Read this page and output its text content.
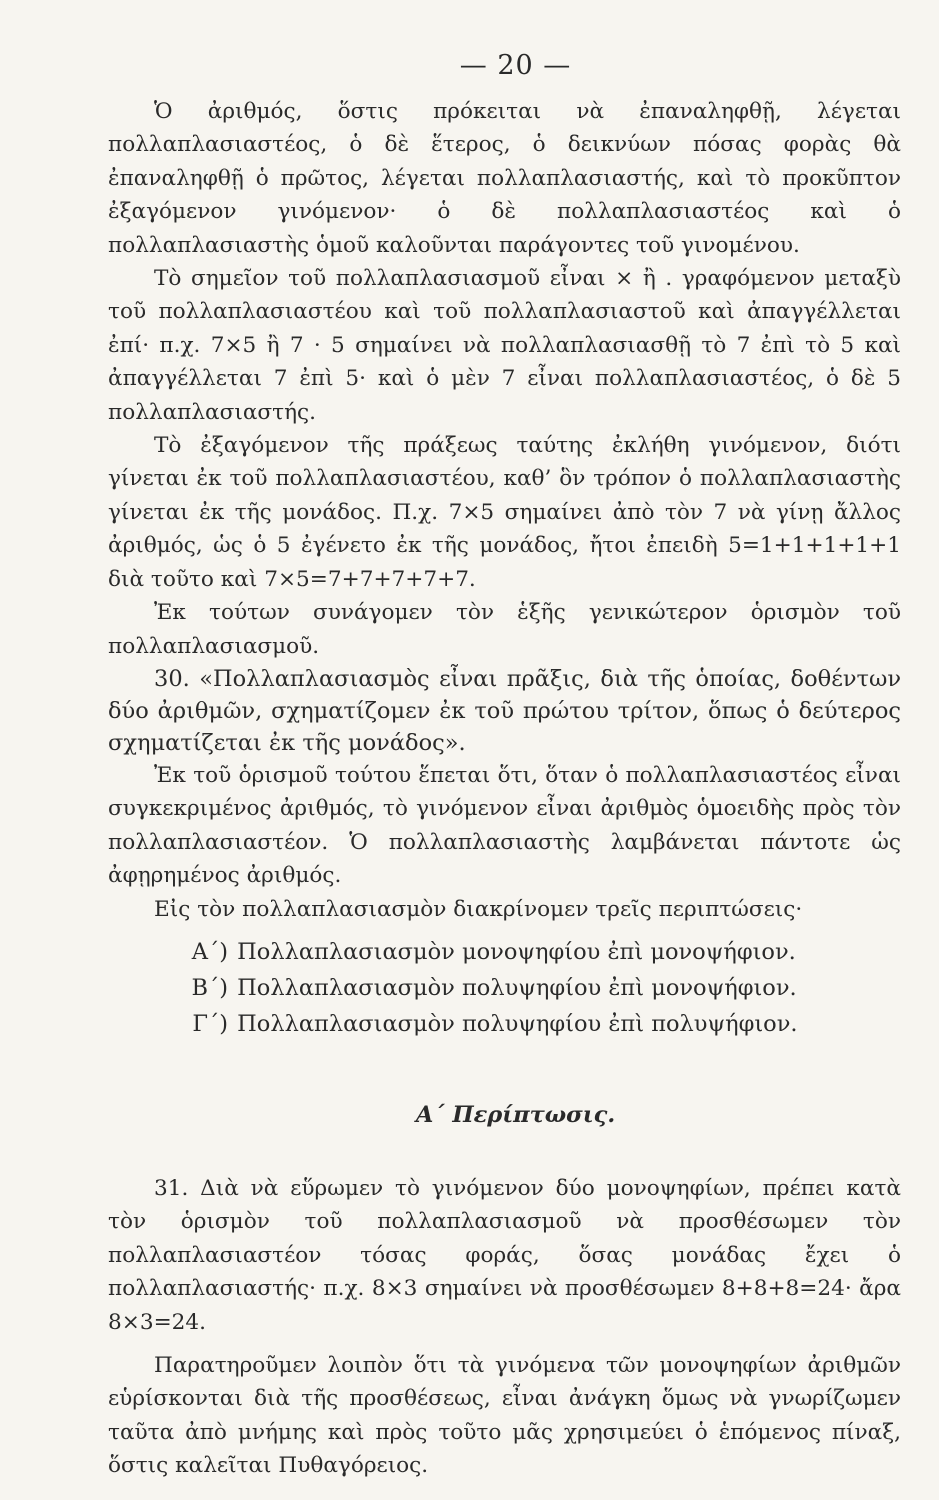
— 20 —

Ὁ ἀριθμός, ὅστις πρόκειται νὰ ἐπαναληφθῇ, λέγεται πολλαπλασιαστέος, ὁ δὲ ἕτερος, ὁ δεικνύων πόσας φορὰς θὰ ἐπαναληφθῇ ὁ πρῶτος, λέγεται πολλαπλασιαστής, καὶ τὸ προκῦπτον ἐξαγόμενον γινόμενον· ὁ δὲ πολλαπλασιαστέος καὶ ὁ πολλαπλασιαστὴς ὁμοῦ καλοῦνται παράγοντες τοῦ γινομένου.

Τὸ σημεῖον τοῦ πολλαπλασιασμοῦ εἶναι × ἢ . γραφόμενον μεταξὺ τοῦ πολλαπλασιαστέου καὶ τοῦ πολλαπλασιαστοῦ καὶ ἀπαγγέλλεται ἐπί· π.χ. 7×5 ἢ 7 · 5 σημαίνει νὰ πολλαπλασιασθῇ τὸ 7 ἐπὶ τὸ 5 καὶ ἀπαγγέλλεται 7 ἐπὶ 5· καὶ ὁ μὲν 7 εἶναι πολλαπλασιαστέος, ὁ δὲ 5 πολλαπλασιαστής.

Τὸ ἐξαγόμενον τῆς πράξεως ταύτης ἐκλήθη γινόμενον, διότι γίνεται ἐκ τοῦ πολλαπλασιαστέου, καθ’ ὃν τρόπον ὁ πολλαπλασιαστὴς γίνεται ἐκ τῆς μονάδος. Π.χ. 7×5 σημαίνει ἀπὸ τὸν 7 νὰ γίνῃ ἄλλος ἀριθμός, ὡς ὁ 5 ἐγένετο ἐκ τῆς μονάδος, ἤτοι ἐπειδὴ 5=1+1+1+1+1 διὰ τοῦτο καὶ 7×5=7+7+7+7+7.

Ἐκ τούτων συνάγομεν τὸν ἑξῆς γενικώτερον ὁρισμὸν τοῦ πολλαπλασιασμοῦ.

30. «Πολλαπλασιασμὸς εἶναι πρᾶξις, διὰ τῆς ὁποίας, δοθέντων δύο ἀριθμῶν, σχηματίζομεν ἐκ τοῦ πρώτου τρίτον, ὅπως ὁ δεύτερος σχηματίζεται ἐκ τῆς μονάδος».

Ἐκ τοῦ ὁρισμοῦ τούτου ἕπεται ὅτι, ὅταν ὁ πολλαπλασιαστέος εἶναι συγκεκριμένος ἀριθμός, τὸ γινόμενον εἶναι ἀριθμὸς ὁμοειδὴς πρὸς τὸν πολλαπλασιαστέον. Ὁ πολλαπλασιαστὴς λαμβάνεται πάντοτε ὡς ἀφῃρημένος ἀριθμός.

Εἰς τὸν πολλαπλασιασμὸν διακρίνομεν τρεῖς περιπτώσεις·

Α΄) Πολλαπλασιασμὸν μονοψηφίου ἐπὶ μονοψήφιον.
Β΄) Πολλαπλασιασμὸν πολυψηφίου ἐπὶ μονοψήφιον.
Γ΄) Πολλαπλασιασμὸν πολυψηφίου ἐπὶ πολυψήφιον.
Α΄ Περίπτωσις.

31. Διὰ νὰ εὕρωμεν τὸ γινόμενον δύο μονοψηφίων, πρέπει κατὰ τὸν ὁρισμὸν τοῦ πολλαπλασιασμοῦ νὰ προσθέσωμεν τὸν πολλαπλασιαστέον τόσας φοράς, ὅσας μονάδας ἔχει ὁ πολλαπλασιαστής· π.χ. 8×3 σημαίνει νὰ προσθέσωμεν 8+8+8=24· ἄρα 8×3=24.

Παρατηροῦμεν λοιπὸν ὅτι τὰ γινόμενα τῶν μονοψηφίων ἀριθμῶν εὑρίσκονται διὰ τῆς προσθέσεως, εἶναι ἀνάγκη ὅμως νὰ γνωρίζωμεν ταῦτα ἀπὸ μνήμης καὶ πρὸς τοῦτο μᾶς χρησιμεύει ὁ ἑπόμενος πίναξ, ὅστις καλεῖται Πυθαγόρειος.
